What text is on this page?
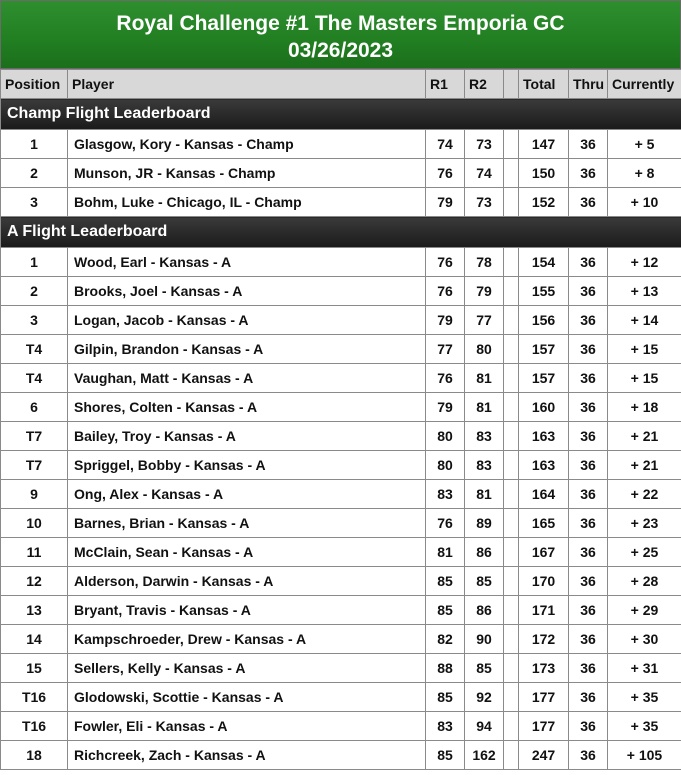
Royal Challenge #1 The Masters Emporia GC
03/26/2023
Position	Player	R1	R2		Total	Thru	Currently
Champ Flight Leaderboard							
1	Glasgow, Kory - Kansas - Champ	74	73		147	36	+ 5
2	Munson, JR - Kansas - Champ	76	74		150	36	+ 8
3	Bohm, Luke - Chicago, IL - Champ	79	73		152	36	+ 10
A Flight Leaderboard							
1	Wood, Earl - Kansas - A	76	78		154	36	+ 12
2	Brooks, Joel - Kansas - A	76	79		155	36	+ 13
3	Logan, Jacob - Kansas - A	79	77		156	36	+ 14
T4	Gilpin, Brandon - Kansas - A	77	80		157	36	+ 15
T4	Vaughan, Matt - Kansas - A	76	81		157	36	+ 15
6	Shores, Colten - Kansas - A	79	81		160	36	+ 18
T7	Bailey, Troy - Kansas - A	80	83		163	36	+ 21
T7	Spriggel, Bobby - Kansas - A	80	83		163	36	+ 21
9	Ong, Alex - Kansas - A	83	81		164	36	+ 22
10	Barnes, Brian - Kansas - A	76	89		165	36	+ 23
11	McClain, Sean - Kansas - A	81	86		167	36	+ 25
12	Alderson, Darwin - Kansas - A	85	85		170	36	+ 28
13	Bryant, Travis - Kansas - A	85	86		171	36	+ 29
14	Kampschroeder, Drew - Kansas - A	82	90		172	36	+ 30
15	Sellers, Kelly - Kansas - A	88	85		173	36	+ 31
T16	Glodowski, Scottie - Kansas - A	85	92		177	36	+ 35
T16	Fowler, Eli - Kansas - A	83	94		177	36	+ 35
18	Richcreek, Zach - Kansas - A	85	162		247	36	+ 105
